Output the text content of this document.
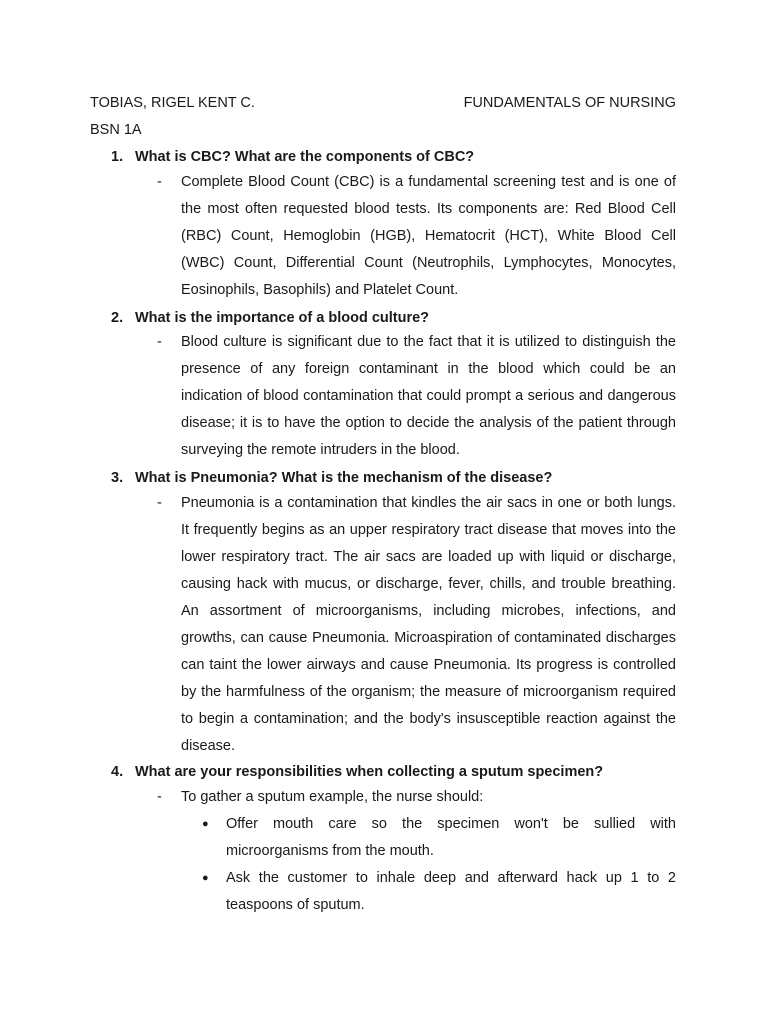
TOBIAS, RIGEL KENT C.	FUNDAMENTALS OF NURSING
BSN 1A
1. What is CBC? What are the components of CBC?
- Complete Blood Count (CBC) is a fundamental screening test and is one of the most often requested blood tests. Its components are: Red Blood Cell (RBC) Count, Hemoglobin (HGB), Hematocrit (HCT), White Blood Cell (WBC) Count, Differential Count (Neutrophils, Lymphocytes, Monocytes, Eosinophils, Basophils) and Platelet Count.
2. What is the importance of a blood culture?
- Blood culture is significant due to the fact that it is utilized to distinguish the presence of any foreign contaminant in the blood which could be an indication of blood contamination that could prompt a serious and dangerous disease; it is to have the option to decide the analysis of the patient through surveying the remote intruders in the blood.
3. What is Pneumonia? What is the mechanism of the disease?
- Pneumonia is a contamination that kindles the air sacs in one or both lungs. It frequently begins as an upper respiratory tract disease that moves into the lower respiratory tract. The air sacs are loaded up with liquid or discharge, causing hack with mucus, or discharge, fever, chills, and trouble breathing. An assortment of microorganisms, including microbes, infections, and growths, can cause Pneumonia. Microaspiration of contaminated discharges can taint the lower airways and cause Pneumonia. Its progress is controlled by the harmfulness of the organism; the measure of microorganism required to begin a contamination; and the body's insusceptible reaction against the disease.
4. What are your responsibilities when collecting a sputum specimen?
- To gather a sputum example, the nurse should:
● Offer mouth care so the specimen won't be sullied with microorganisms from the mouth.
● Ask the customer to inhale deep and afterward hack up 1 to 2 teaspoons of sputum.
